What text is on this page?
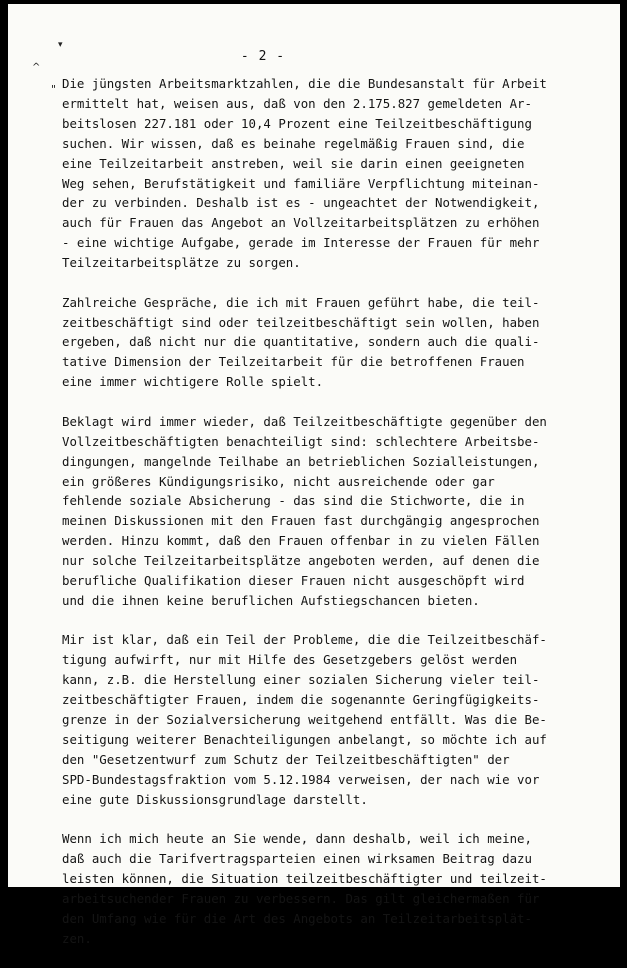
▾
^
"
- 2 -
Die jüngsten Arbeitsmarktzahlen, die die Bundesanstalt für Arbeit
ermittelt hat, weisen aus, daß von den 2.175.827 gemeldeten Ar-
beitslosen 227.181 oder 10,4 Prozent eine Teilzeitbeschäftigung
suchen. Wir wissen, daß es beinahe regelmäßig Frauen sind, die
eine Teilzeitarbeit anstreben, weil sie darin einen geeigneten
Weg sehen, Berufstätigkeit und familiäre Verpflichtung miteinan-
der zu verbinden. Deshalb ist es - ungeachtet der Notwendigkeit,
auch für Frauen das Angebot an Vollzeitarbeitsplätzen zu erhöhen
- eine wichtige Aufgabe, gerade im Interesse der Frauen für mehr
Teilzeitarbeitsplätze zu sorgen.
Zahlreiche Gespräche, die ich mit Frauen geführt habe, die teil-
zeitbeschäftigt sind oder teilzeitbeschäftigt sein wollen, haben
ergeben, daß nicht nur die quantitative, sondern auch die quali-
tative Dimension der Teilzeitarbeit für die betroffenen Frauen
eine immer wichtigere Rolle spielt.
Beklagt wird immer wieder, daß Teilzeitbeschäftigte gegenüber den
Vollzeitbeschäftigten benachteiligt sind: schlechtere Arbeitsbe-
dingungen, mangelnde Teilhabe an betrieblichen Sozialleistungen,
ein größeres Kündigungsrisiko, nicht ausreichende oder gar
fehlende soziale Absicherung - das sind die Stichworte, die in
meinen Diskussionen mit den Frauen fast durchgängig angesprochen
werden. Hinzu kommt, daß den Frauen offenbar in zu vielen Fällen
nur solche Teilzeitarbeitsplätze angeboten werden, auf denen die
berufliche Qualifikation dieser Frauen nicht ausgeschöpft wird
und die ihnen keine beruflichen Aufstiegschancen bieten.
Mir ist klar, daß ein Teil der Probleme, die die Teilzeitbeschäf-
tigung aufwirft, nur mit Hilfe des Gesetzgebers gelöst werden
kann, z.B. die Herstellung einer sozialen Sicherung vieler teil-
zeitbeschäftigter Frauen, indem die sogenannte Geringfügigkeits-
grenze in der Sozialversicherung weitgehend entfällt. Was die Be-
seitigung weiterer Benachteiligungen anbelangt, so möchte ich auf
den "Gesetzentwurf zum Schutz der Teilzeitbeschäftigten" der
SPD-Bundestagsfraktion vom 5.12.1984 verweisen, der nach wie vor
eine gute Diskussionsgrundlage darstellt.
Wenn ich mich heute an Sie wende, dann deshalb, weil ich meine,
daß auch die Tarifvertragsparteien einen wirksamen Beitrag dazu
leisten können, die Situation teilzeitbeschäftigter und teilzeit-
arbeitsuchender Frauen zu verbessern. Das gilt gleichermaßen für
den Umfang wie für die Art des Angebots an Teilzeitarbeitsplät-
zen.
